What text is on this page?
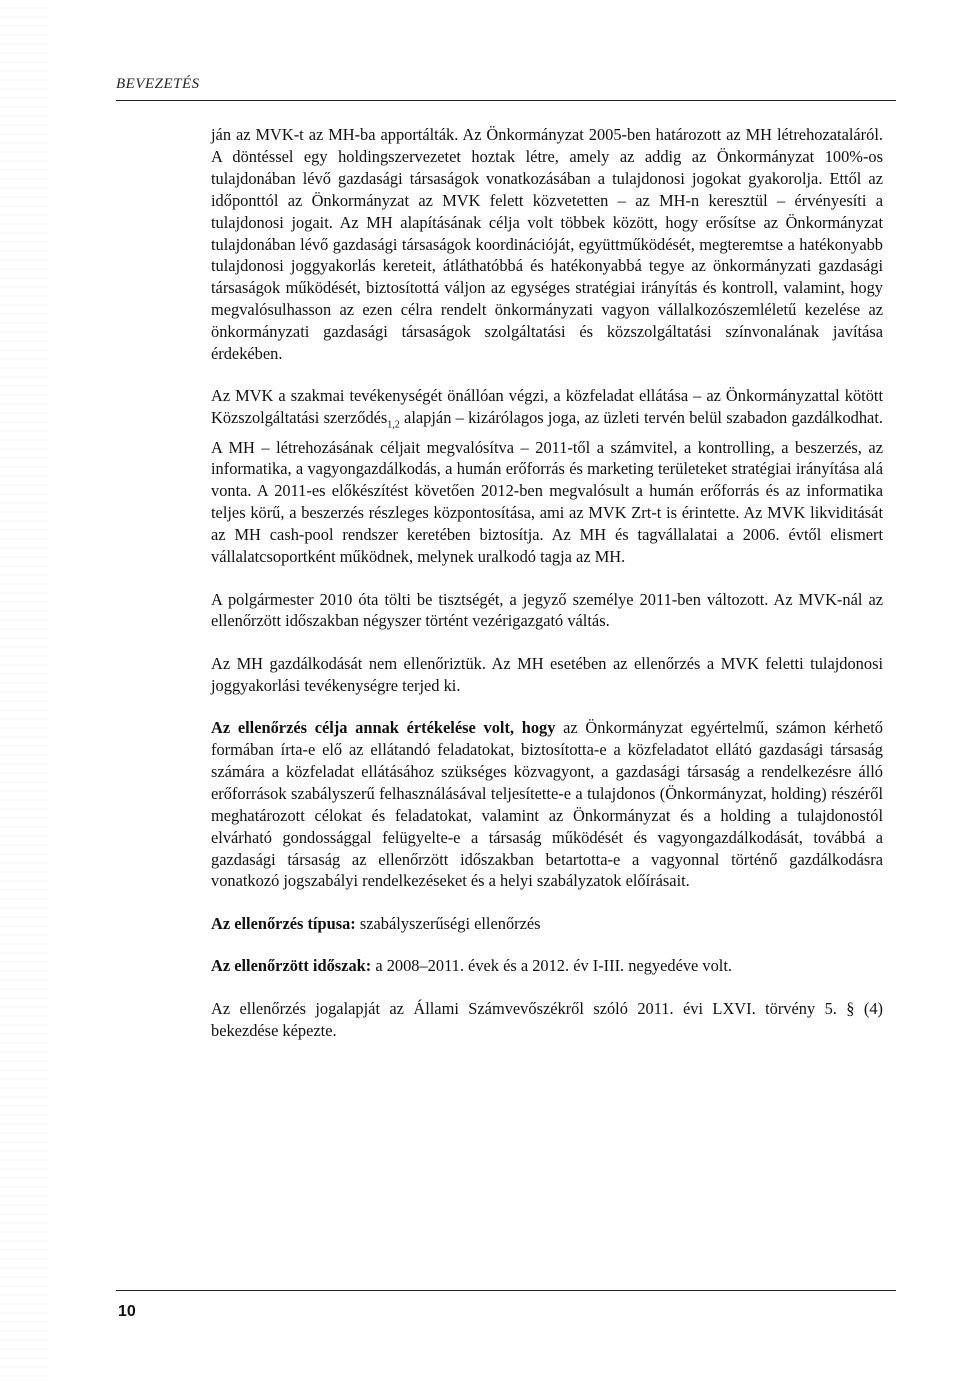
BEVEZETÉS

ján az MVK-t az MH-ba apportálták. Az Önkormányzat 2005-ben határozott az MH létrehozataláról. A döntéssel egy holdingszervezetet hoztak létre, amely az addig az Önkormányzat 100%-os tulajdonában lévő gazdasági társaságok vonatkozásában a tulajdonosi jogokat gyakorolja. Ettől az időponttól az Önkormányzat az MVK felett közvetetten – az MH-n keresztül – érvényesíti a tulajdonosi jogait. Az MH alapításának célja volt többek között, hogy erősítse az Önkormányzat tulajdonában lévő gazdasági társaságok koordinációját, együttműködését, megteremtse a hatékonyabb tulajdonosi joggyakorlás kereteit, átláthatóbbá és hatékonyabbá tegye az önkormányzati gazdasági társaságok működését, biztosítottá váljon az egységes stratégiai irányítás és kontroll, valamint, hogy megvalósulhasson az ezen célra rendelt önkormányzati vagyon vállalkozószemléletű kezelése az önkormányzati gazdasági társaságok szolgáltatási és közszolgáltatási színvonalának javítása érdekében.

Az MVK a szakmai tevékenységét önállóan végzi, a közfeladat ellátása – az Önkormányzattal kötött Közszolgáltatási szerződés$_{1,2}$ alapján – kizárólagos joga, az üzleti tervén belül szabadon gazdálkodhat. A MH – létrehozásának céljait megvalósítva – 2011-től a számvitel, a kontrolling, a beszerzés, az informatika, a vagyongazdálkodás, a humán erőforrás és marketing területeket stratégiai irányítása alá vonta. A 2011-es előkészítést követően 2012-ben megvalósult a humán erőforrás és az informatika teljes körű, a beszerzés részleges központosítása, ami az MVK Zrt-t is érintette. Az MVK likviditását az MH cash-pool rendszer keretében biztosítja. Az MH és tagvállalatai a 2006. évtől elismert vállalatcsoportként működnek, melynek uralkodó tagja az MH.

A polgármester 2010 óta tölti be tisztségét, a jegyző személye 2011-ben változott. Az MVK-nál az ellenőrzött időszakban négyszer történt vezérigazgató váltás.

Az MH gazdálkodását nem ellenőriztük. Az MH esetében az ellenőrzés a MVK feletti tulajdonosi joggyakorlási tevékenységre terjed ki.

Az ellenőrzés célja annak értékelése volt, hogy az Önkormányzat egyértelmű, számon kérhető formában írta-e elő az ellátandó feladatokat, biztosította-e a közfeladatot ellátó gazdasági társaság számára a közfeladat ellátásához szükséges közvagyont, a gazdasági társaság a rendelkezésre álló erőforrások szabályszerű felhasználásával teljesítette-e a tulajdonos (Önkormányzat, holding) részéről meghatározott célokat és feladatokat, valamint az Önkormányzat és a holding a tulajdonostól elvárható gondossággal felügyelte-e a társaság működését és vagyongazdálkodását, továbbá a gazdasági társaság az ellenőrzött időszakban betartotta-e a vagyonnal történő gazdálkodásra vonatkozó jogszabályi rendelkezéseket és a helyi szabályzatok előírásait.

Az ellenőrzés típusa: szabályszerűségi ellenőrzés

Az ellenőrzött időszak: a 2008–2011. évek és a 2012. év I-III. negyedéve volt.

Az ellenőrzés jogalapját az Állami Számvevőszékről szóló 2011. évi LXVI. törvény 5. § (4) bekezdése képezte.

10
